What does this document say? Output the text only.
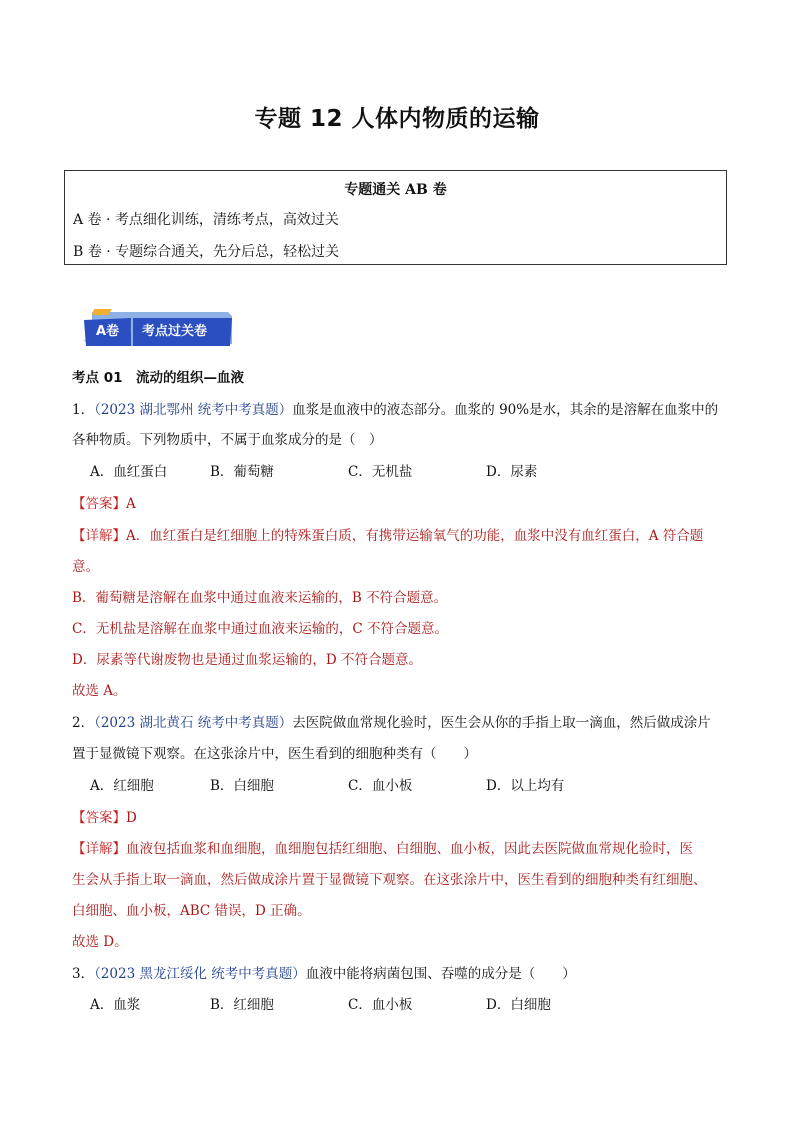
专题 12 人体内物质的运输
专题通关 AB 卷
A 卷 · 考点细化训练，清练考点，高效过关
B 卷 · 专题综合通关，先分后总，轻松过关
A卷 考点过关卷
考点 01　流动的组织—血液
1．（2023 湖北鄂州 统考中考真题）血浆是血液中的液态部分。血浆的 90%是水，其余的是溶解在血浆中的
各种物质。下列物质中，不属于血浆成分的是（　）
A．血红蛋白	B．葡萄糖	C．无机盐	D．尿素
【答案】A
【详解】A．血红蛋白是红细胞上的特殊蛋白质，有携带运输氧气的功能，血浆中没有血红蛋白，A 符合题
意。
B．葡萄糖是溶解在血浆中通过血液来运输的，B 不符合题意。
C．无机盐是溶解在血浆中通过血液来运输的，C 不符合题意。
D．尿素等代谢废物也是通过血浆运输的，D 不符合题意。
故选 A。
2．（2023 湖北黄石 统考中考真题）去医院做血常规化验时，医生会从你的手指上取一滴血，然后做成涂片
置于显微镜下观察。在这张涂片中，医生看到的细胞种类有（　　）
A．红细胞	B．白细胞	C．血小板	D．以上均有
【答案】D
【详解】血液包括血浆和血细胞，血细胞包括红细胞、白细胞、血小板，因此去医院做血常规化验时，医
生会从手指上取一滴血，然后做成涂片置于显微镜下观察。在这张涂片中，医生看到的细胞种类有红细胞、
白细胞、血小板，ABC 错误，D 正确。
故选 D。
3．（2023 黑龙江绥化 统考中考真题）血液中能将病菌包围、吞噬的成分是（　　）
A．血浆	B．红细胞	C．血小板	D．白细胞
